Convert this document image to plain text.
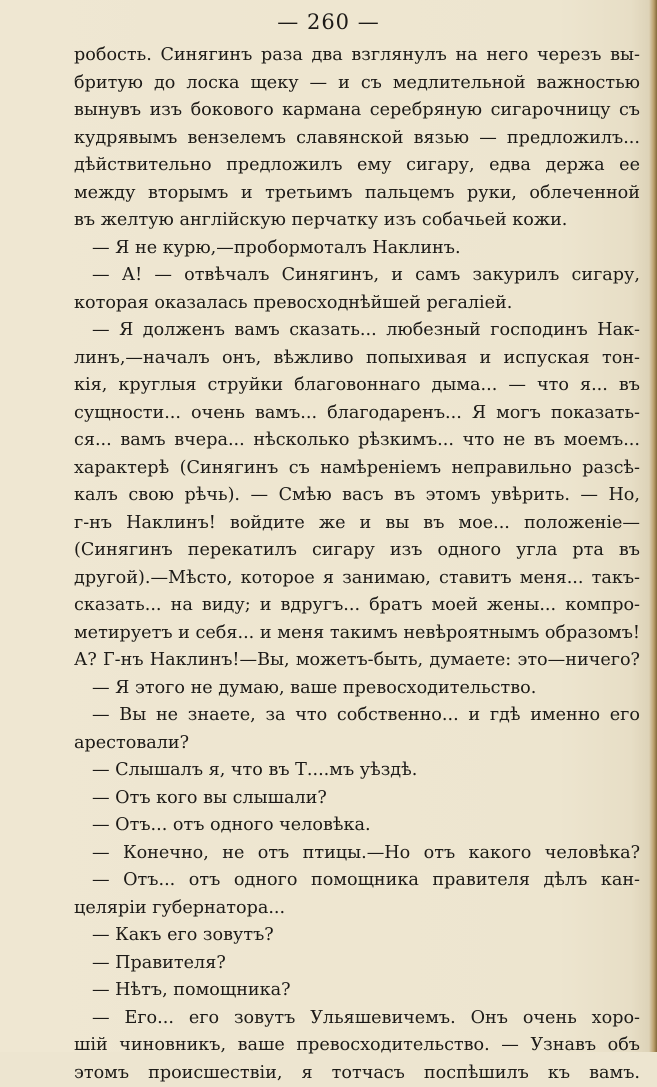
— 260 —
робость. Синягинъ раза два взглянулъ на него черезъ вы-
бритую до лоска щеку — и съ медлительной важностью
вынувъ изъ бокового кармана серебряную сигарочницу съ
кудрявымъ вензелемъ славянской вязью — предложилъ...
дѣйствительно предложилъ ему сигару, едва держа ее
между вторымъ и третьимъ пальцемъ руки, облеченной
въ желтую англійскую перчатку изъ собачьей кожи.
— Я не курю,—пробормоталъ Наклинъ.
— А! — отвѣчалъ Синягинъ, и самъ закурилъ сигару,
которая оказалась превосходнѣйшей регаліей.
— Я долженъ вамъ сказать... любезный господинъ Нак-
линъ,—началъ онъ, вѣжливо попыхивая и испуская тон-
кія, круглыя струйки благовоннаго дыма... — что я... въ
сущности... очень вамъ... благодаренъ... Я могъ показать-
ся... вамъ вчера... нѣсколько рѣзкимъ... что не въ моемъ...
характерѣ (Синягинъ съ намѣреніемъ неправильно разсѣ-
калъ свою рѣчь). — Смѣю васъ въ этомъ увѣрить. — Но,
г-нъ Наклинъ! войдите же и вы въ мое... положеніе—
(Синягинъ перекатилъ сигару изъ одного угла рта въ
другой).—Мѣсто, которое я занимаю, ставитъ меня... такъ-
сказать... на виду; и вдругъ... братъ моей жены... компро-
метируетъ и себя... и меня такимъ невѣроятнымъ образомъ!
А? Г-нъ Наклинъ!—Вы, можетъ-быть, думаете: это—ничего?
— Я этого не думаю, ваше превосходительство.
— Вы не знаете, за что собственно... и гдѣ именно его
арестовали?
— Слышалъ я, что въ Т....мъ уѣздѣ.
— Отъ кого вы слышали?
— Отъ... отъ одного человѣка.
— Конечно, не отъ птицы.—Но отъ какого человѣка?
— Отъ... отъ одного помощника правителя дѣлъ кан-
целяріи губернатора...
— Какъ его зовутъ?
— Правителя?
— Нѣтъ, помощника?
— Его... его зовутъ Ульяшевичемъ. Онъ очень хоро-
шій чиновникъ, ваше превосходительство. — Узнавъ объ
этомъ происшествіи, я тотчасъ поспѣшилъ къ вамъ.
